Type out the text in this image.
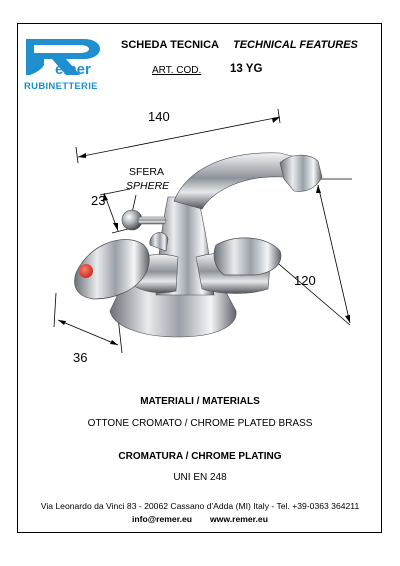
emer
RUBINETTERIE
SCHEDA TECNICA TECHNICAL FEATURES
ART. COD. 13 YG
140
23
120
36
SFERA
SPHERE
MATERIALI / MATERIALS
OTTONE CROMATO / CHROME PLATED BRASS
CROMATURA / CHROME PLATING
UNI EN 248
Via Leonardo da Vinci 83 - 20062 Cassano d'Adda (MI) Italy - Tel. +39-0363 364211
info@remer.eu www.remer.eu
